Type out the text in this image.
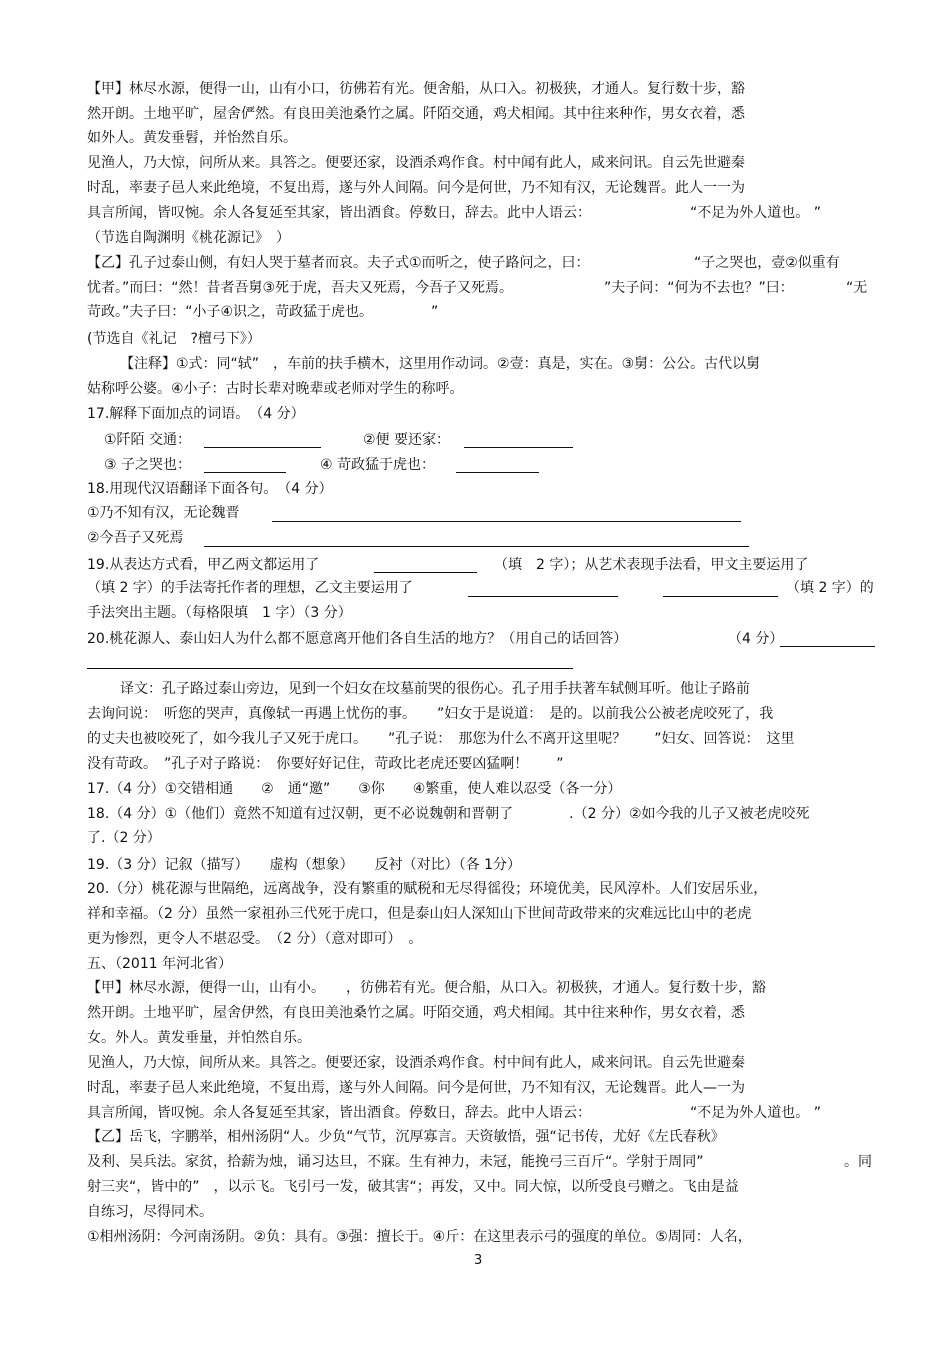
【甲】林尽水源，便得一山，山有小口，彷佛若有光。便舍船，从口入。初极狭，才通人。复行数十步，豁
然开朗。土地平旷，屋舍俨然。有良田美池桑竹之属。阡陌交通，鸡犬相闻。其中往来种作，男女衣着，悉
如外人。黄发垂髫，并怡然自乐。
见渔人，乃大惊，问所从来。具答之。便要还家，设酒杀鸡作食。村中闻有此人，咸来问讯。自云先世避秦
时乱，率妻子邑人来此绝境，不复出焉，遂与外人间隔。问今是何世，乃不知有汉，无论魏晋。此人一一为
具言所闻，皆叹惋。余人各复延至其家，皆出酒食。停数日，辞去。此中人语云：	“不足为外人道也。 ”
（节选自陶渊明《桃花源记》　）
【乙】孔子过泰山侧，有妇人哭于墓者而哀。夫子式①而听之，使子路问之，曰：	“子之哭也，壹②似重有
忧者。”而曰：“然！昔者吾舅③死于虎，吾夫又死焉，今吾子又死焉。	”夫子问：“何为不去也？”曰：	“无
苛政。”夫子曰：“小子④识之，苛政猛于虎也。	”
(节选自《礼记　?檀弓下》）
【注释】①式：同“轼”　，车前的扶手横木，这里用作动词。②壹：真是，实在。③舅：公公。古代以舅
姑称呼公婆。④小子：古时长辈对晚辈或老师对学生的称呼。
17.解释下面加点的词语。　（4 分）
①阡陌 交通：	②便 要还家：
③ 子之哭也：	④ 苛政猛于虎也：
18.用现代汉语翻译下面各句。　（4 分）
①乃不知有汉，无论魏晋
②今吾子又死焉
19.从表达方式看，甲乙两文都运用了	（填　2 字）；从艺术表现手法看，甲文主要运用了
（填 2 字）的手法寄托作者的理想，乙文主要运用了	（填 2 字）的
手法突出主题。（每格限填　1 字）（3 分）
20.桃花源人、泰山妇人为什么都不愿意离开他们各自生活的地方？（用自己的话回答）	（4 分）
译文：孔子路过泰山旁边，见到一个妇女在坟墓前哭的很伤心。孔子用手扶著车轼侧耳听。他让子路前
去询问说：　听您的哭声，真像轼一再遇上忧伤的事。　　”妇女于是说道：　是的。以前我公公被老虎咬死了，我
的丈夫也被咬死了，如今我儿子又死于虎口。　　”孔子说：　那您为什么不离开这里呢？　　”妇女、回答说：　这里
没有苛政。　”孔子对子路说：　你要好好记住，苛政比老虎还要凶猛啊！　　”
17.（4 分）①交错相通　　②　通“邀”　　③你　　④繁重，使人难以忍受（各一分）
18.（4 分）①（他们）竟然不知道有过汉朝，更不必说魏朝和晋朝了　　　　.（2 分）②如今我的儿子又被老虎咬死
了.（2 分）
19.（3 分）记叙（描写）　　虚构（想象）　　反衬（对比）（各 1分）
20.（分）桃花源与世隔绝，远离战争，没有繁重的赋税和无尽得徭役；环境优美，民风淳朴。人们安居乐业，
祥和幸福。（2 分）虽然一家祖孙三代死于虎口，但是泰山妇人深知山下世间苛政带来的灾难远比山中的老虎
更为惨烈，更令人不堪忍受。　（2 分）（意对即可）　。
五、（2011 年河北省）
【甲】林尽水源，便得一山，山有小。　　，彷佛若有光。便合船，从口入。初极狭，才通人。复行数十步，豁
然开朗。土地平旷，屋舍伊然，有良田美池桑竹之属。吁陌交通，鸡犬相闻。其中往来种作，男女衣着，悉
女。外人。黄发垂量，并怕然自乐。
见渔人，乃大惊，间所从来。具答之。便要还家，设酒杀鸡作食。村中间有此人，咸来问讯。自云先世避秦
时乱，率妻子邑人来此绝境，不复出焉，遂与外人间隔。问今是何世，乃不知有汉，无论魏晋。此人—一为
具言所闻，皆叹惋。余人各复延至其家，皆出酒食。停数日，辞去。此中人语云：	“不足为外人道也。 ”
【乙】岳飞，字鹏举，相州汤阴“人。少负“气节，沉厚寡言。天资敏悟，强“记书传，尤好《左氏春秋》
及利、吴兵法。家贫，拾薪为烛，诵习达旦，不寐。生有神力，未冠，能挽弓三百斤“。学射于周同”	。同
射三夹“，皆中的”　，以示飞。飞引弓一发，破其害“；再发，又中。同大惊，以所受良弓赠之。飞由是益
自练习，尽得同术。
①相州汤阴：今河南汤阴。②负：具有。③强：擅长于。④斤：在这里表示弓的强度的单位。⑤周同：人名，
3
